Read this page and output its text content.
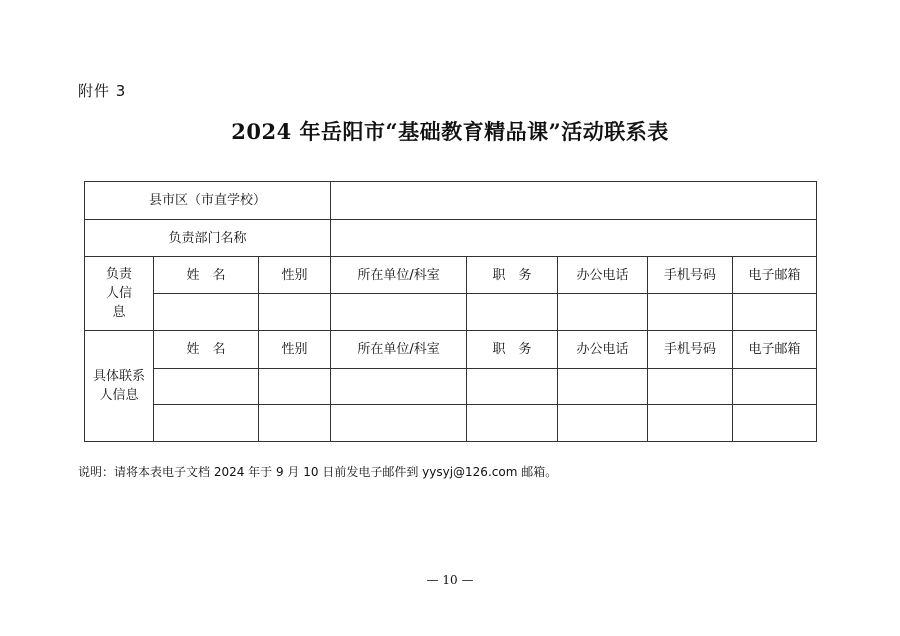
附件 3
2024 年岳阳市“基础教育精品课”活动联系表
县市区（市直学校）							
负责部门名称							

负责人信息	姓　名	性别	所在单位/科室	职　务	办公电话	手机号码	电子邮箱

具体联系人信息	姓　名	性别	所在单位/科室	职　务	办公电话	手机号码	电子邮箱

说明：请将本表电子文档 2024 年于 9 月 10 日前发电子邮件到 yysyj@126.com 邮箱。
— 10 —
